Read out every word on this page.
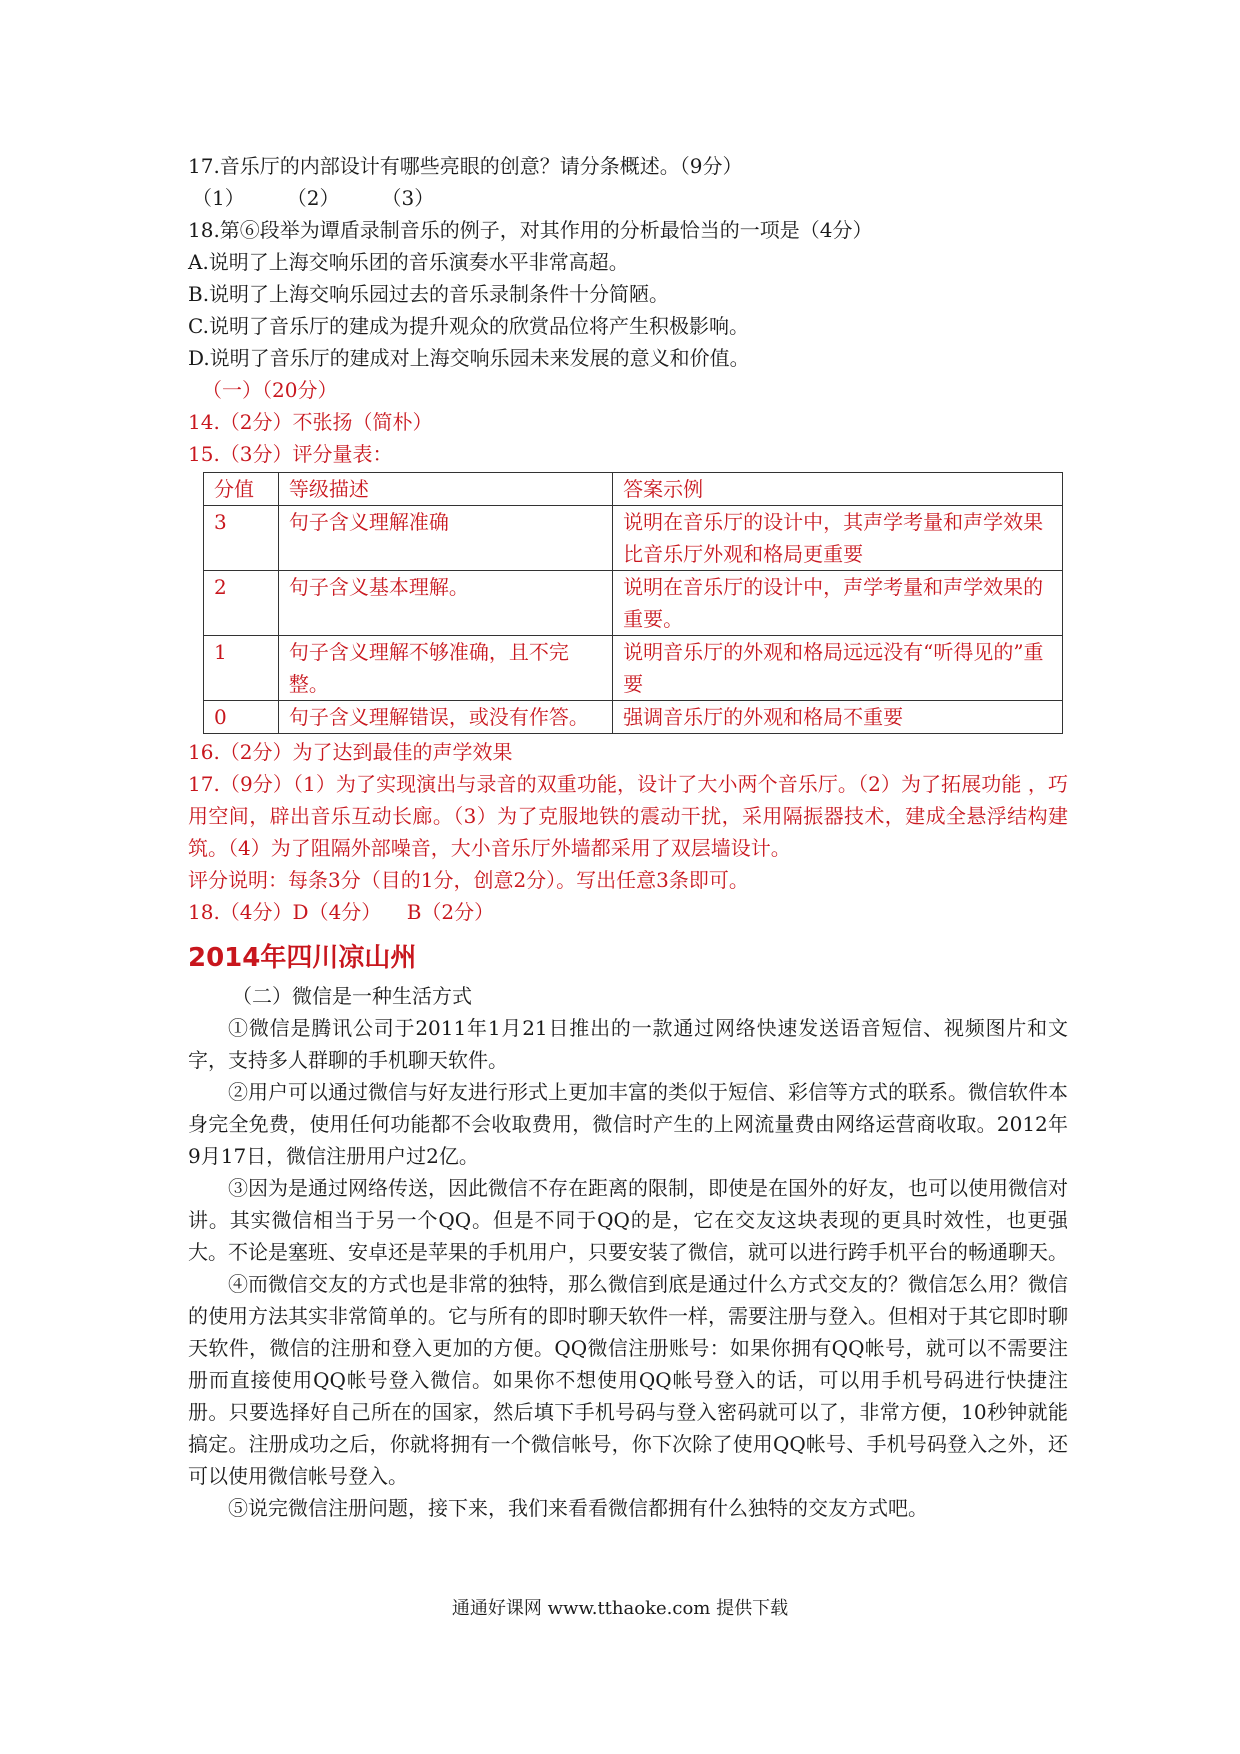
17.音乐厅的内部设计有哪些亮眼的创意？请分条概述。（9分）

（1） （2） （3）

18.第⑥段举为谭盾录制音乐的例子，对其作用的分析最恰当的一项是（4分）

A.说明了上海交响乐团的音乐演奏水平非常高超。

B.说明了上海交响乐园过去的音乐录制条件十分简陋。

C.说明了音乐厅的建成为提升观众的欣赏品位将产生积极影响。

D.说明了音乐厅的建成对上海交响乐园未来发展的意义和价值。

（一）（20分）

14.（2分）不张扬（简朴）

15.（3分）评分量表：

分值	等级描述	答案示例
3	句子含义理解准确	说明在音乐厅的设计中，其声学考量和声学效果比音乐厅外观和格局更重要
2	句子含义基本理解。	说明在音乐厅的设计中，声学考量和声学效果的重要。
1	句子含义理解不够准确，且不完整。	说明音乐厅的外观和格局远远没有“听得见的”重要
0	句子含义理解错误，或没有作答。	强调音乐厅的外观和格局不重要

16.（2分）为了达到最佳的声学效果

17.（9分）（1）为了实现演出与录音的双重功能，设计了大小两个音乐厅。（2）为了拓展功能 ，巧用空间，辟出音乐互动长廊。（3）为了克服地铁的震动干扰，采用隔振器技术，建成全悬浮结构建筑。（4）为了阻隔外部噪音，大小音乐厅外墙都采用了双层墙设计。

评分说明：每条3分（目的1分，创意2分）。写出任意3条即可。

18.（4分）D（4分）    B（2分）

2014年四川凉山州

（二）微信是一种生活方式

①微信是腾讯公司于2011年1月21日推出的一款通过网络快速发送语音短信、视频图片和文字，支持多人群聊的手机聊天软件。

②用户可以通过微信与好友进行形式上更加丰富的类似于短信、彩信等方式的联系。微信软件本身完全免费，使用任何功能都不会收取费用，微信时产生的上网流量费由网络运营商收取。2012年9月17日，微信注册用户过2亿。

③因为是通过网络传送，因此微信不存在距离的限制，即使是在国外的好友，也可以使用微信对讲。其实微信相当于另一个QQ。但是不同于QQ的是，它在交友这块表现的更具时效性，也更强大。不论是塞班、安卓还是苹果的手机用户，只要安装了微信，就可以进行跨手机平台的畅通聊天。

④而微信交友的方式也是非常的独特，那么微信到底是通过什么方式交友的？微信怎么用？微信的使用方法其实非常简单的。它与所有的即时聊天软件一样，需要注册与登入。但相对于其它即时聊天软件，微信的注册和登入更加的方便。QQ微信注册账号：如果你拥有QQ帐号，就可以不需要注册而直接使用QQ帐号登入微信。如果你不想使用QQ帐号登入的话，可以用手机号码进行快捷注册。只要选择好自己所在的国家，然后填下手机号码与登入密码就可以了，非常方便，10秒钟就能搞定。注册成功之后，你就将拥有一个微信帐号，你下次除了使用QQ帐号、手机号码登入之外，还可以使用微信帐号登入。

⑤说完微信注册问题，接下来，我们来看看微信都拥有什么独特的交友方式吧。

通通好课网 www.tthaoke.com 提供下载
